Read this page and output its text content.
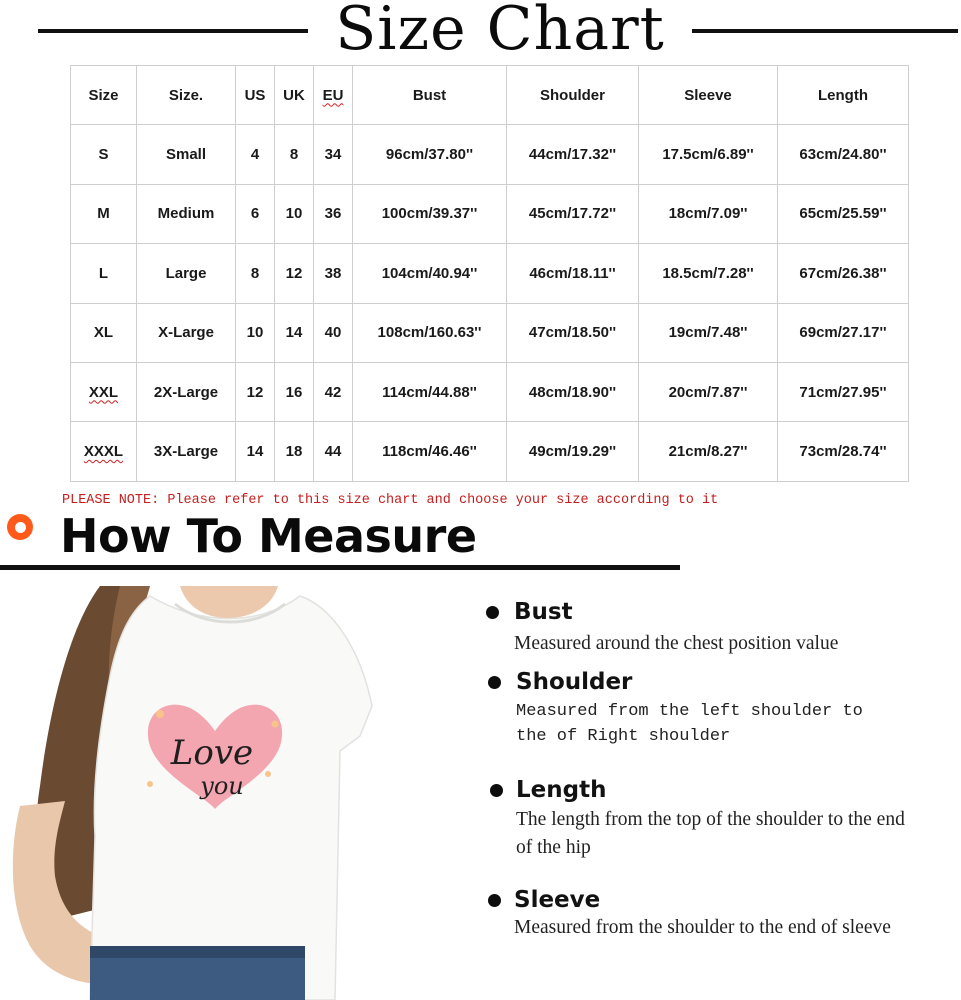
Size Chart
Size	Size.	US	UK	EU	Bust	Shoulder	Sleeve	Length
S	Small	4	8	34	96cm/37.80''	44cm/17.32''	17.5cm/6.89''	63cm/24.80''
M	Medium	6	10	36	100cm/39.37''	45cm/17.72''	18cm/7.09''	65cm/25.59''
L	Large	8	12	38	104cm/40.94''	46cm/18.11''	18.5cm/7.28''	67cm/26.38''
XL	X-Large	10	14	40	108cm/160.63''	47cm/18.50''	19cm/7.48''	69cm/27.17''
XXL	2X-Large	12	16	42	114cm/44.88''	48cm/18.90''	20cm/7.87''	71cm/27.95''
XXXL	3X-Large	14	18	44	118cm/46.46''	49cm/19.29''	21cm/8.27''	73cm/28.74''
PLEASE NOTE: Please refer to this size chart and choose your size according to it
How To Measure
Love
you
Bust
Measured around the chest position value
Shoulder
Measured from the left shoulder to the of Right shoulder
Length
The length from the top of the shoulder to the end of the hip
Sleeve
Measured from the shoulder to the end of sleeve
